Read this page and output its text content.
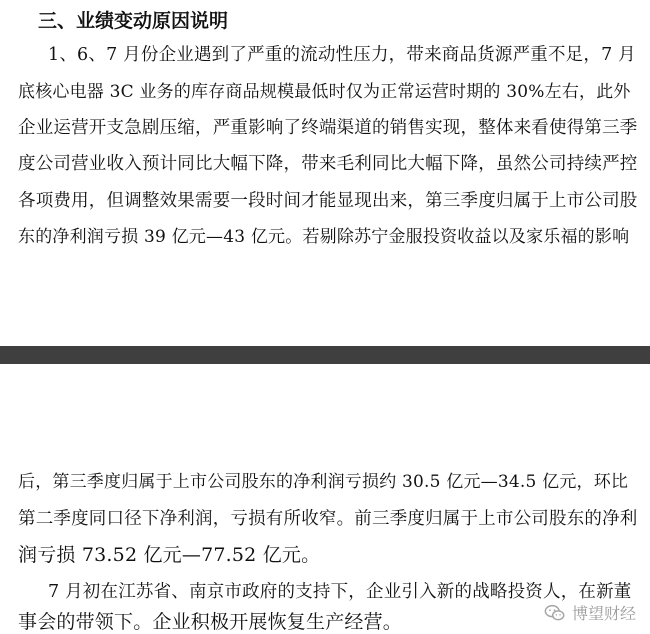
三、业绩变动原因说明
1、6、7 月份企业遇到了严重的流动性压力，带来商品货源严重不足，7 月
底核心电器 3C 业务的库存商品规模最低时仅为正常运营时期的 30%左右，此外
企业运营开支急剧压缩，严重影响了终端渠道的销售实现，整体来看使得第三季
度公司营业收入预计同比大幅下降，带来毛利同比大幅下降，虽然公司持续严控
各项费用，但调整效果需要一段时间才能显现出来，第三季度归属于上市公司股
东的净利润亏损 39 亿元—43 亿元。若剔除苏宁金服投资收益以及家乐福的影响
后，第三季度归属于上市公司股东的净利润亏损约 30.5 亿元—34.5 亿元，环比
第二季度同口径下净利润，亏损有所收窄。前三季度归属于上市公司股东的净利
润亏损 73.52 亿元—77.52 亿元。
7 月初在江苏省、南京市政府的支持下，企业引入新的战略投资人，在新董
事会的带领下。企业积极开展恢复生产经营。	博望财经
